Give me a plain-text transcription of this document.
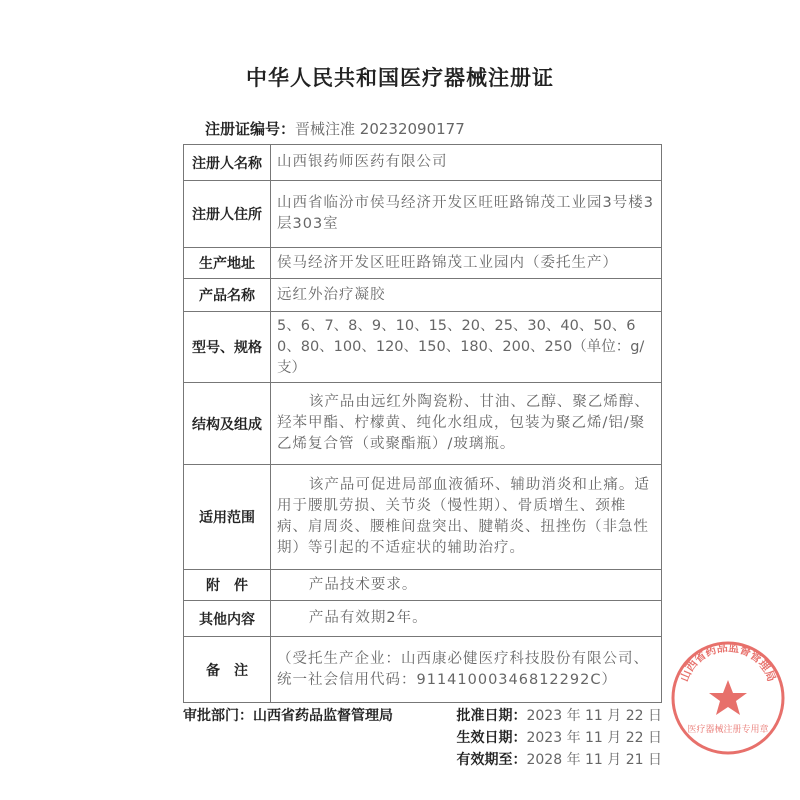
中华人民共和国医疗器械注册证
注册证编号：晋械注准 20232090177
注册人名称	山西银药师医药有限公司
注册人住所	山西省临汾市侯马经济开发区旺旺路锦茂工业园3号楼3层303室
生产地址	侯马经济开发区旺旺路锦茂工业园内（委托生产）
产品名称	远红外治疗凝胶
型号、规格	5、6、7、8、9、10、15、20、25、30、40、50、60、80、100、120、150、180、200、250（单位：g/支）
结构及组成	该产品由远红外陶瓷粉、甘油、乙醇、聚乙烯醇、羟苯甲酯、柠檬黄、纯化水组成，包装为聚乙烯/铝/聚乙烯复合管（或聚酯瓶）/玻璃瓶。
适用范围	该产品可促进局部血液循环、辅助消炎和止痛。适用于腰肌劳损、关节炎（慢性期）、骨质增生、颈椎病、肩周炎、腰椎间盘突出、腱鞘炎、扭挫伤（非急性期）等引起的不适症状的辅助治疗。
附　件	产品技术要求。
其他内容	产品有效期2年。
备　注	（受托生产企业：山西康必健医疗科技股份有限公司、统一社会信用代码：91141000346812292C）
审批部门：山西省药品监督管理局	批准日期：2023 年 11 月 22 日
生效日期：2023 年 11 月 22 日
有效期至：2028 年 11 月 21 日
山西省药品监督管理局
医疗器械注册专用章
